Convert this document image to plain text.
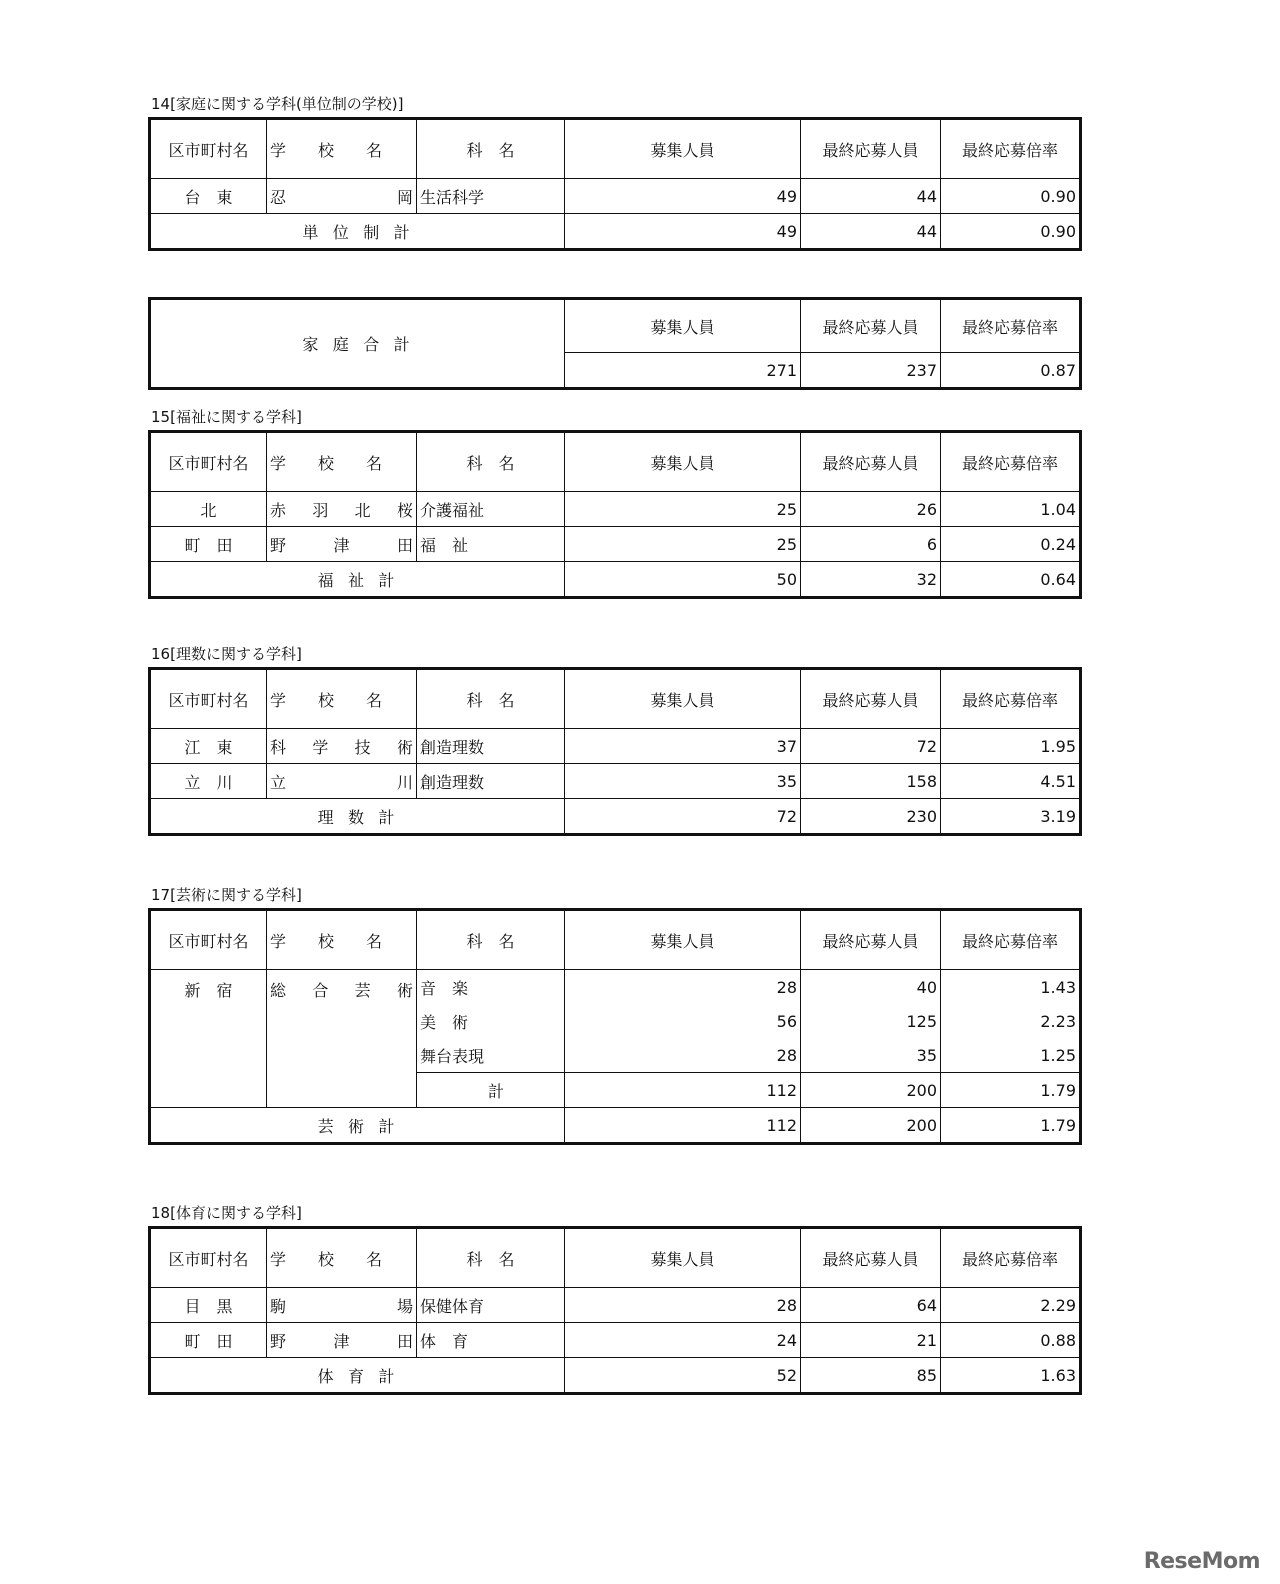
14[家庭に関する学科(単位制の学校)]
区市町村名	学　　校　　名	科　名	募集人員	最終応募人員	最終応募倍率
台　東	忍　岡	生活科学	49	44	0.90
単位制計			49	44	0.90
家庭合計	募集人員	最終応募人員	最終応募倍率
	271	237	0.87
15[福祉に関する学科]
区市町村名	学　　校　　名	科　名	募集人員	最終応募人員	最終応募倍率
北	赤羽北桜	介護福祉	25	26	1.04
町　田	野津田	福　祉	25	6	0.24
福祉計			50	32	0.64
16[理数に関する学科]
区市町村名	学　　校　　名	科　名	募集人員	最終応募人員	最終応募倍率
江　東	科学技術	創造理数	37	72	1.95
立　川	立　川	創造理数	35	158	4.51
理数計			72	230	3.19
17[芸術に関する学科]
区市町村名	学　　校　　名	科　名	募集人員	最終応募人員	最終応募倍率
新　宿	総合芸術	音　楽	28	40	1.43
		美　術	56	125	2.23
		舞台表現	28	35	1.25
		計	112	200	1.79
芸術計			112	200	1.79
18[体育に関する学科]
区市町村名	学　　校　　名	科　名	募集人員	最終応募人員	最終応募倍率
目　黒	駒　場	保健体育	28	64	2.29
町　田	野津田	体　育	24	21	0.88
体育計			52	85	1.63
ReseMom
